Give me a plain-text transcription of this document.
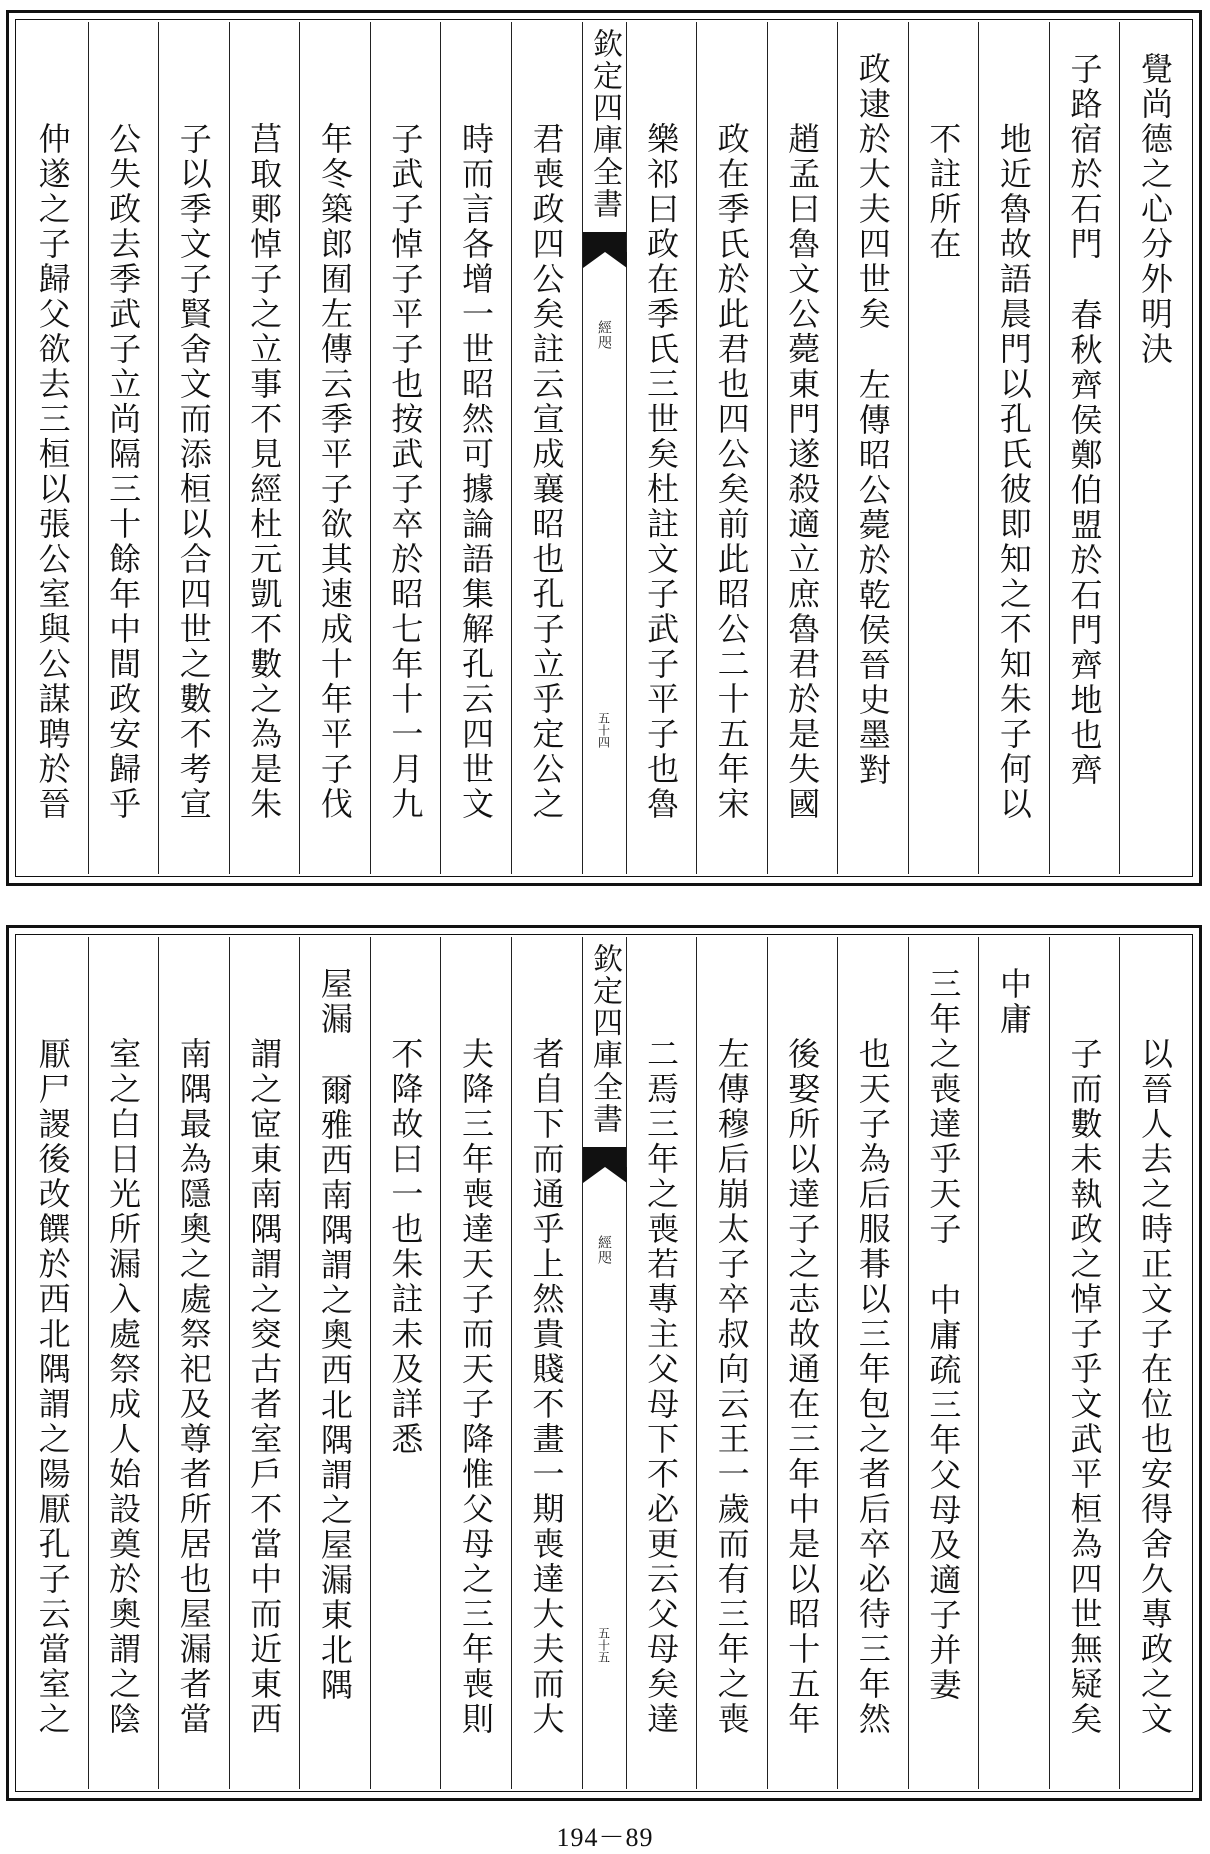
覺尚德之心分外明決
子路宿於石門春秋齊侯鄭伯盟於石門齊地也齊
地近魯故語晨門以孔氏彼即知之不知朱子何以
不註所在
政逮於大夫四世矣左傳昭公薨於乾侯晉史墨對
趙孟曰魯文公薨東門遂殺適立庶魯君於是失國
政在季氏於此君也四公矣前此昭公二十五年宋
樂祁曰政在季氏三世矣杜註文子武子平子也魯
欽定四庫全書
經咫
五十四
君喪政四公矣註云宣成襄昭也孔子立乎定公之
時而言各增一世昭然可據論語集解孔云四世文
子武子悼子平子也按武子卒於昭七年十一月九
年冬築郎囿左傳云季平子欲其速成十年平子伐
莒取郠悼子之立事不見經杜元凱不數之為是朱
子以季文子賢舍文而添桓以合四世之數不考宣
公失政去季武子立尚隔三十餘年中間政安歸乎
仲遂之子歸父欲去三桓以張公室與公謀聘於晉
以晉人去之時正文子在位也安得舍久專政之文
子而數未執政之悼子乎文武平桓為四世無疑矣
中庸
三年之喪達乎天子中庸疏三年父母及適子并妻
也天子為后服朞以三年包之者后卒必待三年然
後娶所以達子之志故通在三年中是以昭十五年
左傳穆后崩太子卒叔向云王一歲而有三年之喪
二焉三年之喪若專主父母下不必更云父母矣達
欽定四庫全書
經咫
五十五
者自下而通乎上然貴賤不畫一期喪達大夫而大
夫降三年喪達天子而天子降惟父母之三年喪則
不降故曰一也朱註未及詳悉
屋漏爾雅西南隅謂之奧西北隅謂之屋漏東北隅
謂之宧東南隅謂之窔古者室戶不當中而近東西
南隅最為隱奧之處祭祀及尊者所居也屋漏者當
室之白日光所漏入處祭成人始設奠於奧謂之陰
厭尸謖後改饌於西北隅謂之陽厭孔子云當室之
194－89
